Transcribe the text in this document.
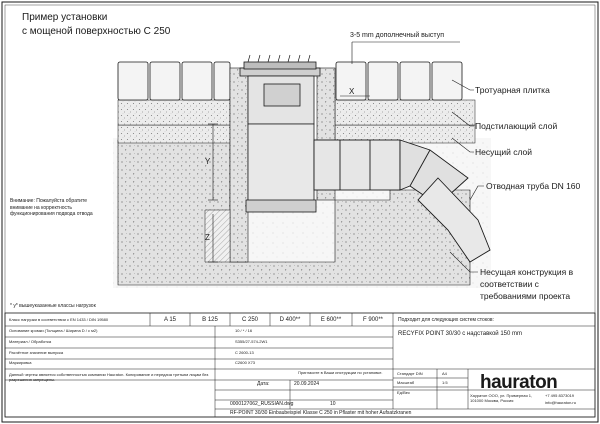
Пример установки
с мощеной поверхностью С 250	3-5 mm дополнечный выступ
X
Y
Z
Тротуарная плитка
Подстилающий слой
Несущий слой
Отводная труба DN 160
Несущая конструкция в
соответствии с
требованиями проекта
Внимание: Пожалуйста обратите внимание на корректность функционирования подвода отвода
* у* вышеуказанные классы нагрузок
Класс нагрузки в соответствии с EN 1433 / DIN 19580	A 15	B 125	C 250	D 400**	E 600**	F 900**	Подходит для следующих систем стоков:
RECYFIX POINT 30/30 с надставкой 150 mm
Основание кромки (Толщина / Ширина D / с м2)	10 / * / 16
Материал / Обработка	S355/27-574-2W1
Расчётное значение выпуска	С 2600-13
Маркировка	C2600 X73
Данный чертеж является собственностью компании Hauraton. Копирование и передача третьим лицам без разрешения запрещены.
Дата:	20.09.2024
Пригласите в Ваши инструкции по установке.
0000127062_RUSSIAN.dwg	10
Стандарт DIN	A4
Масштаб	1:5
Ед/Вес	hauraton
Хауратон ООО, ул. Примерная 1, 101000 Москва, Россия
+7 495 8373019
info@hauraton.ru
RF-POINT 30/30 Einbaubeispiel Klasse C 250 in Pflaster mit hoher Aufsatzkranen
